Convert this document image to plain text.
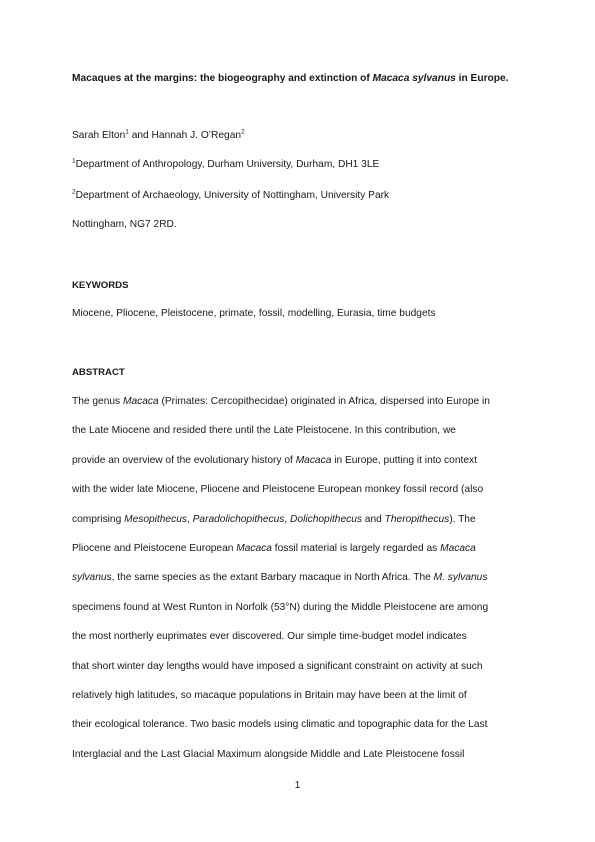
Macaques at the margins: the biogeography and extinction of Macaca sylvanus in Europe.
Sarah Elton$^1$ and Hannah J. O’Regan$^2$
$^1$Department of Anthropology, Durham University, Durham, DH1 3LE
$^2$Department of Archaeology, University of Nottingham, University Park
Nottingham, NG7 2RD.
KEYWORDS
Miocene, Pliocene, Pleistocene, primate, fossil, modelling, Eurasia, time budgets
ABSTRACT
The genus Macaca (Primates: Cercopithecidae) originated in Africa, dispersed into Europe in
the Late Miocene and resided there until the Late Pleistocene. In this contribution, we
provide an overview of the evolutionary history of Macaca in Europe, putting it into context
with the wider late Miocene, Pliocene and Pleistocene European monkey fossil record (also
comprising Mesopithecus, Paradolichopithecus, Dolichopithecus and Theropithecus). The
Pliocene and Pleistocene European Macaca fossil material is largely regarded as Macaca
sylvanus, the same species as the extant Barbary macaque in North Africa. The M. sylvanus
specimens found at West Runton in Norfolk (53°N) during the Middle Pleistocene are among
the most northerly euprimates ever discovered. Our simple time-budget model indicates
that short winter day lengths would have imposed a significant constraint on activity at such
relatively high latitudes, so macaque populations in Britain may have been at the limit of
their ecological tolerance. Two basic models using climatic and topographic data for the Last
Interglacial and the Last Glacial Maximum alongside Middle and Late Pleistocene fossil
1
